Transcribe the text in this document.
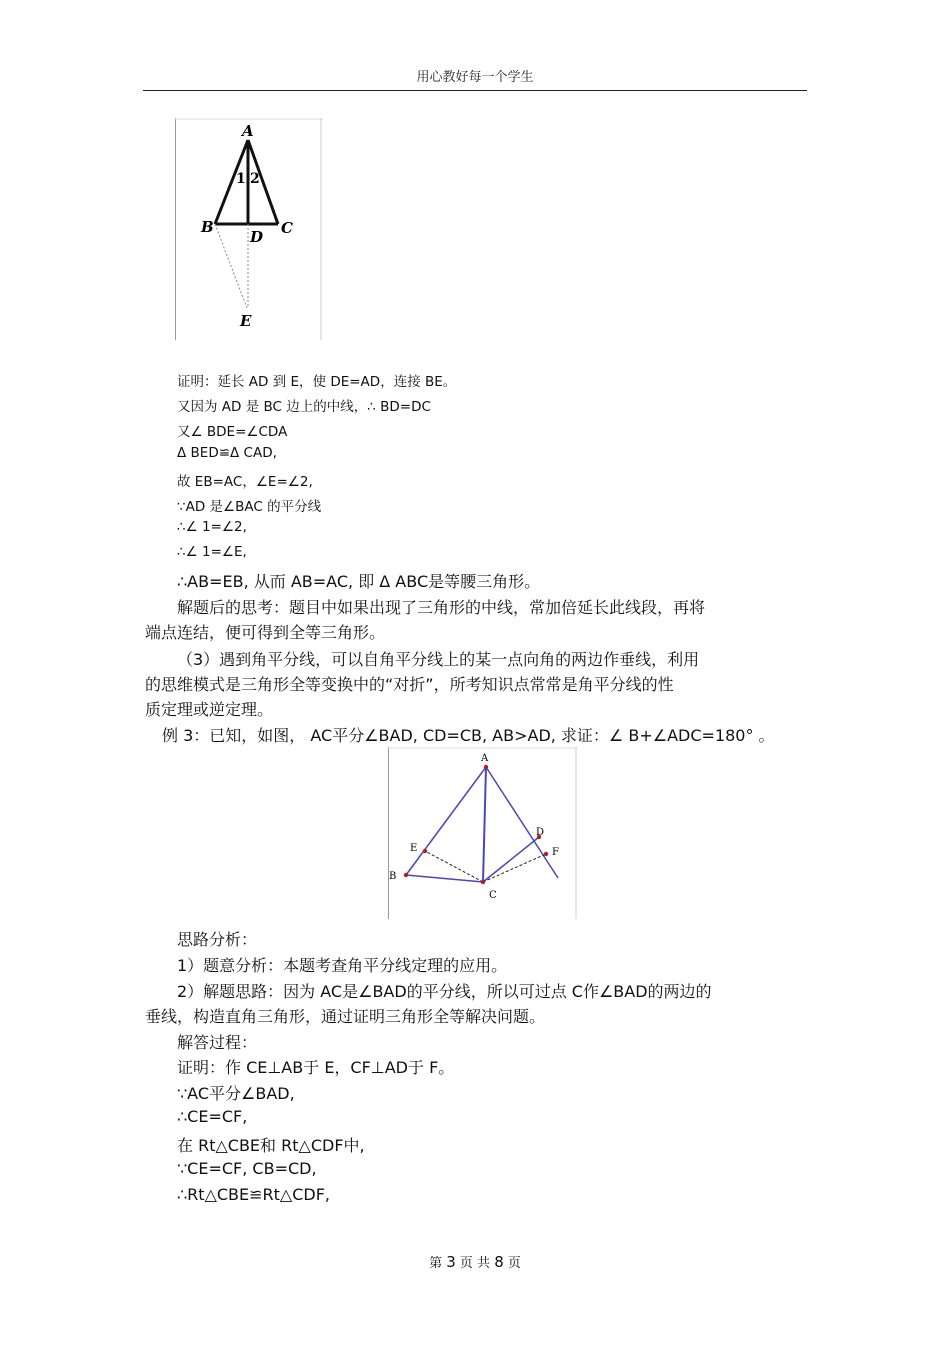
用心教好每一个学生
A
1 2
B
D C
E
证明：延长 AD 到 E，使 DE=AD，连接 BE。
又因为 AD 是 BC 边上的中线，∴ BD=DC
又∠ BDE=∠CDA
Δ BED≌Δ CAD,
故 EB=AC，∠E=∠2,
∵AD 是∠BAC 的平分线
∴∠ 1=∠2,
∴∠ 1=∠E,
∴AB=EB, 从而 AB=AC, 即 Δ ABC是等腰三角形。
解题后的思考：题目中如果出现了三角形的中线，常加倍延长此线段，再将
端点连结，便可得到全等三角形。
（3）遇到角平分线，可以自角平分线上的某一点向角的两边作垂线，利用
的思维模式是三角形全等变换中的“对折”，所考知识点常常是角平分线的性
质定理或逆定理。
例 3：已知，如图， AC平分∠BAD, CD=CB, AB>AD, 求证：∠ B+∠ADC=180° 。
A
B
C
D
E	F
思路分析：
1）题意分析：本题考查角平分线定理的应用。
2）解题思路：因为 AC是∠BAD的平分线，所以可过点 C作∠BAD的两边的
垂线，构造直角三角形，通过证明三角形全等解决问题。
解答过程：
证明：作 CE⊥AB于 E，CF⊥AD于 F。
∵AC平分∠BAD,
∴CE=CF,
在 Rt△CBE和 Rt△CDF中,
∵CE=CF, CB=CD,
∴Rt△CBE≌Rt△CDF,
第 3 页 共 8 页
